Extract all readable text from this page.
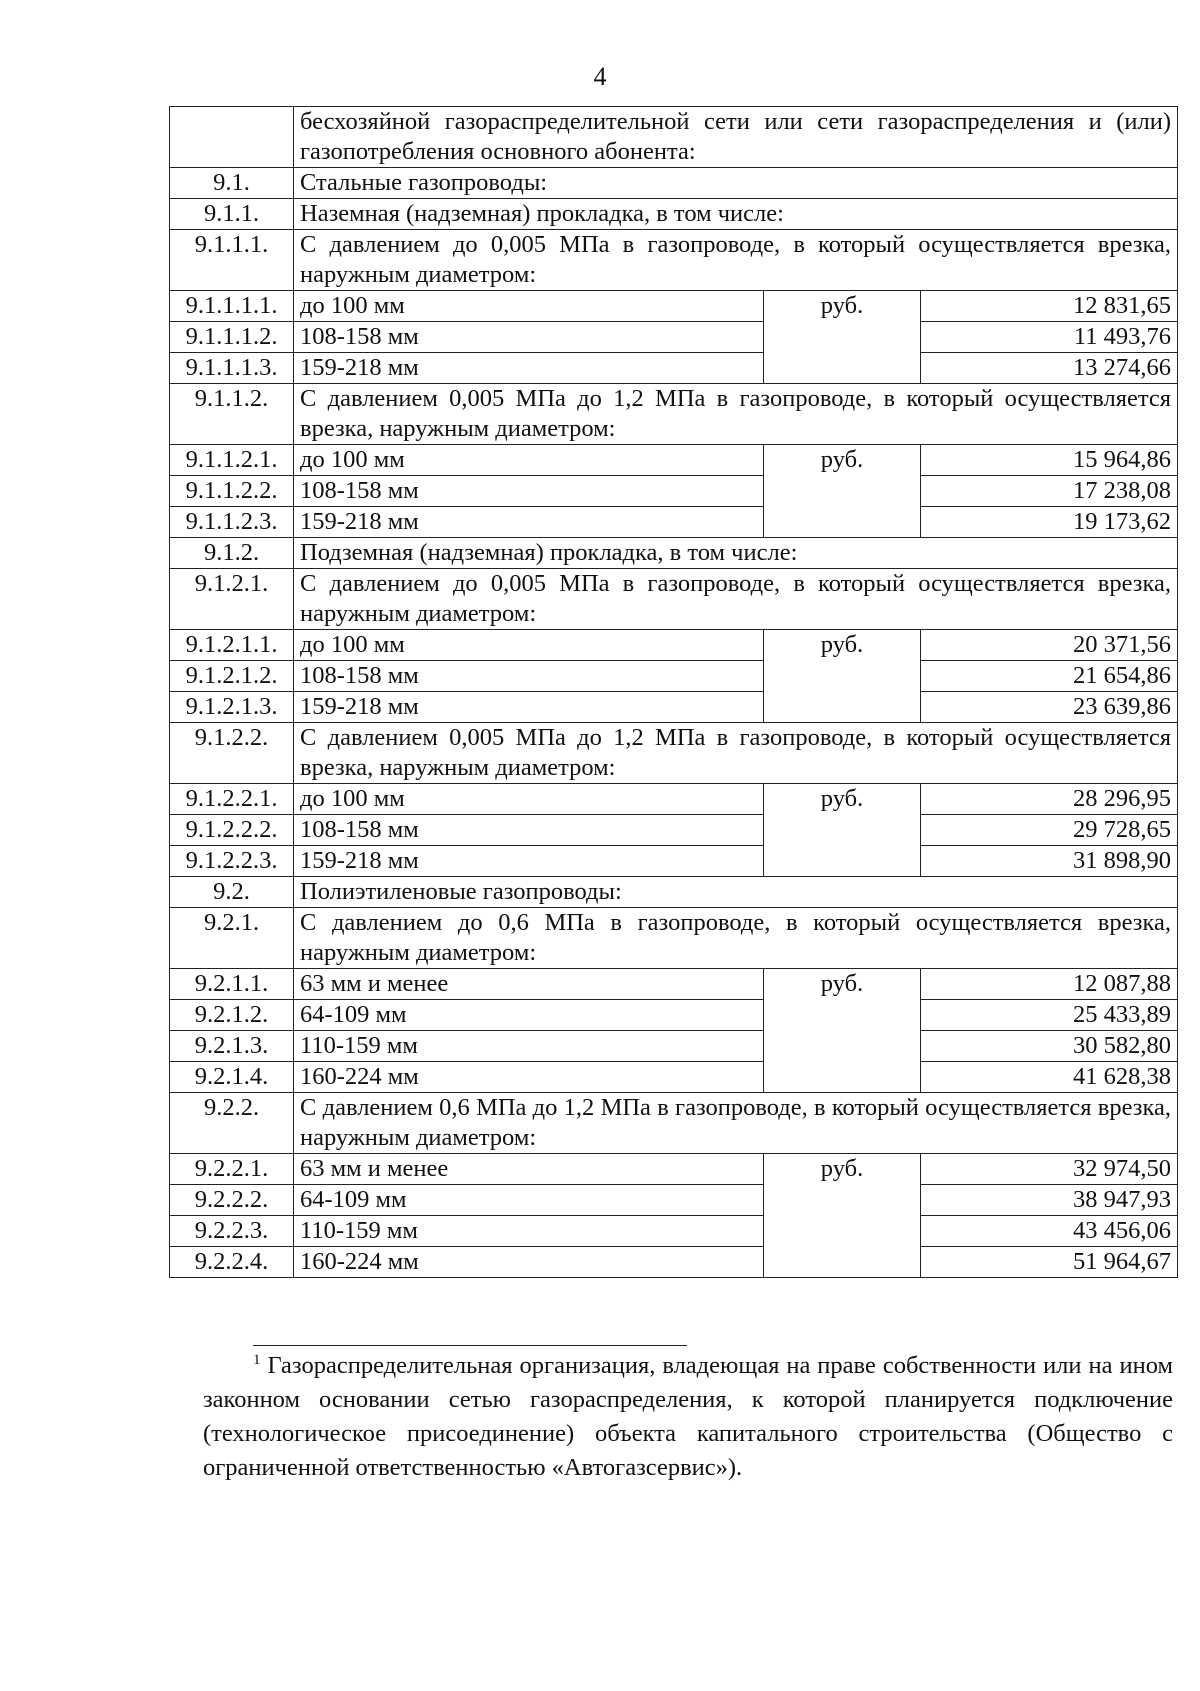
4
	бесхозяйной газораспределительной сети или сети газораспределения и (или) газопотребления основного абонента:		
9.1.	Стальные газопроводы:		
9.1.1.	Наземная (надземная) прокладка, в том числе:		
9.1.1.1.	С давлением до 0,005 МПа в газопроводе, в который осуществляется врезка, наружным диаметром:		
9.1.1.1.1.	до 100 мм	руб.	12 831,65
9.1.1.1.2.	108-158 мм		11 493,76
9.1.1.1.3.	159-218 мм		13 274,66
9.1.1.2.	С давлением 0,005 МПа до 1,2 МПа в газопроводе, в который осуществляется врезка, наружным диаметром:		
9.1.1.2.1.	до 100 мм	руб.	15 964,86
9.1.1.2.2.	108-158 мм		17 238,08
9.1.1.2.3.	159-218 мм		19 173,62
9.1.2.	Подземная (надземная) прокладка, в том числе:		
9.1.2.1.	С давлением до 0,005 МПа в газопроводе, в который осуществляется врезка, наружным диаметром:		
9.1.2.1.1.	до 100 мм	руб.	20 371,56
9.1.2.1.2.	108-158 мм		21 654,86
9.1.2.1.3.	159-218 мм		23 639,86
9.1.2.2.	С давлением 0,005 МПа до 1,2 МПа в газопроводе, в который осуществляется врезка, наружным диаметром:		
9.1.2.2.1.	до 100 мм	руб.	28 296,95
9.1.2.2.2.	108-158 мм		29 728,65
9.1.2.2.3.	159-218 мм		31 898,90
9.2.	Полиэтиленовые газопроводы:		
9.2.1.	С давлением до 0,6 МПа в газопроводе, в который осуществляется врезка, наружным диаметром:		
9.2.1.1.	63 мм и менее	руб.	12 087,88
9.2.1.2.	64-109 мм		25 433,89
9.2.1.3.	110-159 мм		30 582,80
9.2.1.4.	160-224 мм		41 628,38
9.2.2.	С давлением 0,6 МПа до 1,2 МПа в газопроводе, в который осуществляется врезка, наружным диаметром:		
9.2.2.1.	63 мм и менее	руб.	32 974,50
9.2.2.2.	64-109 мм		38 947,93
9.2.2.3.	110-159 мм		43 456,06
9.2.2.4.	160-224 мм		51 964,67
$^1$ Газораспределительная организация, владеющая на праве собственности или на ином законном основании сетью газораспределения, к которой планируется подключение (технологическое присоединение) объекта капитального строительства (Общество с ограниченной ответственностью «Автогазсервис»).
